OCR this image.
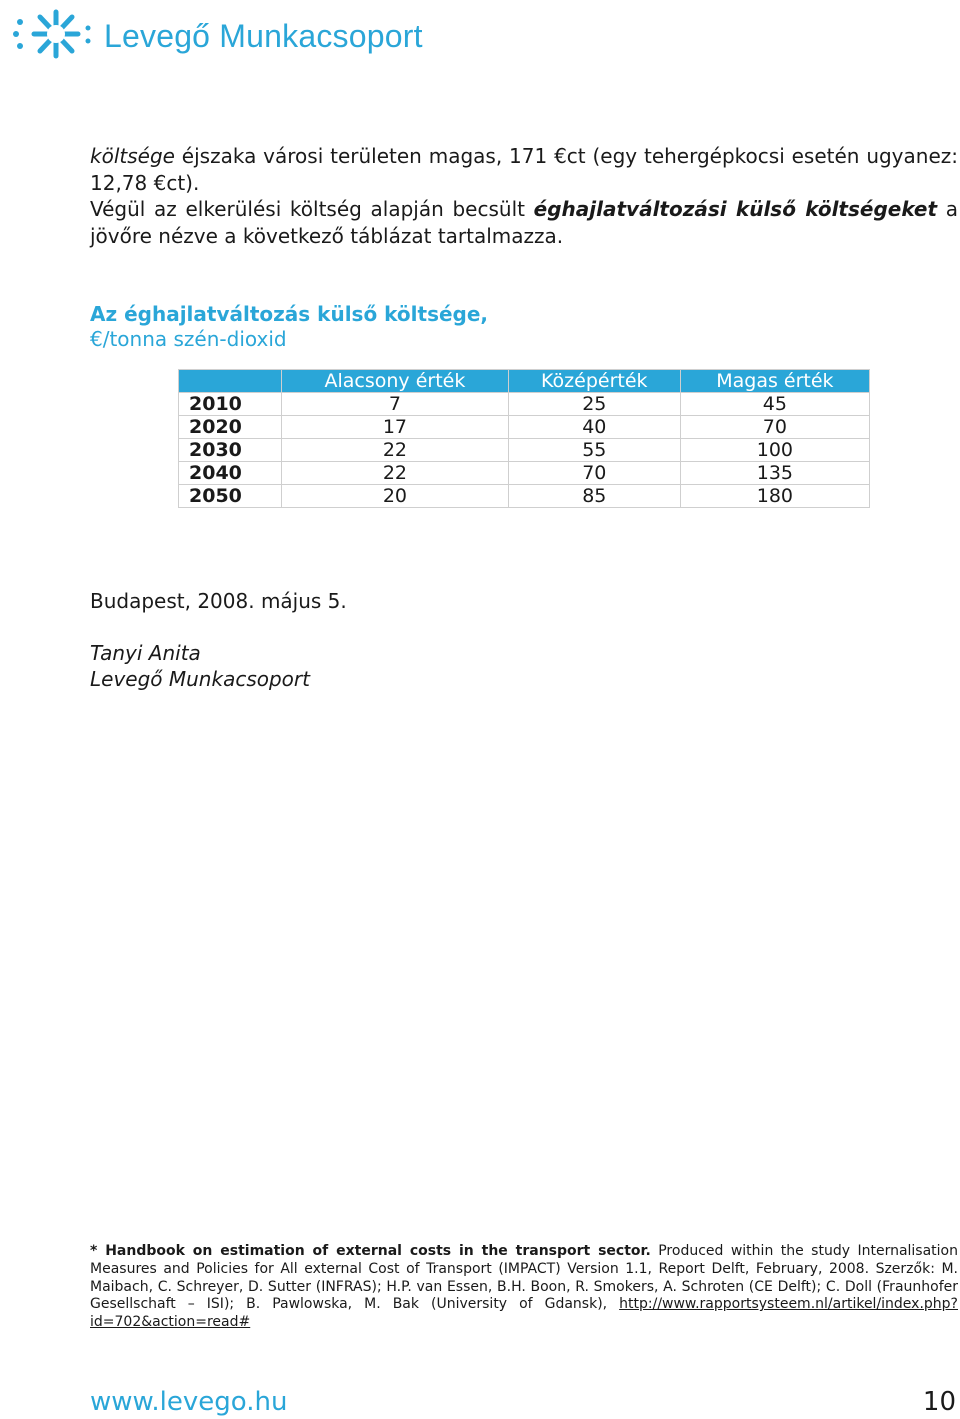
Levegő Munkacsoport

költsége éjszaka városi területen magas, 171 €ct (egy tehergépkocsi esetén ugyanez: 12,78 €ct).
Végül az elkerülési költség alapján becsült éghajlatváltozási külső költségeket a jövőre nézve a következő táblázat tartalmazza.

Az éghajlatváltozás külső költsége,
€/tonna szén-dioxid

	Alacsony érték	Középérték	Magas érték
2010	7	25	45
2020	17	40	70
2030	22	55	100
2040	22	70	135
2050	20	85	180

Budapest, 2008. május 5.

Tanyi Anita
Levegő Munkacsoport

* Handbook on estimation of external costs in the transport sector. Produced within the study Internalisation Measures and Policies for All external Cost of Transport (IMPACT) Version 1.1, Report Delft, February, 2008. Szerzők: M. Maibach, C. Schreyer, D. Sutter (INFRAS); H.P. van Essen, B.H. Boon, R. Smokers, A. Schroten (CE Delft); C. Doll (Fraunhofer Gesellschaft – ISI); B. Pawlowska, M. Bak (University of Gdansk), http://www.rapportsysteem.nl/artikel/index.php?id=702&action=read#

www.levego.hu	10
